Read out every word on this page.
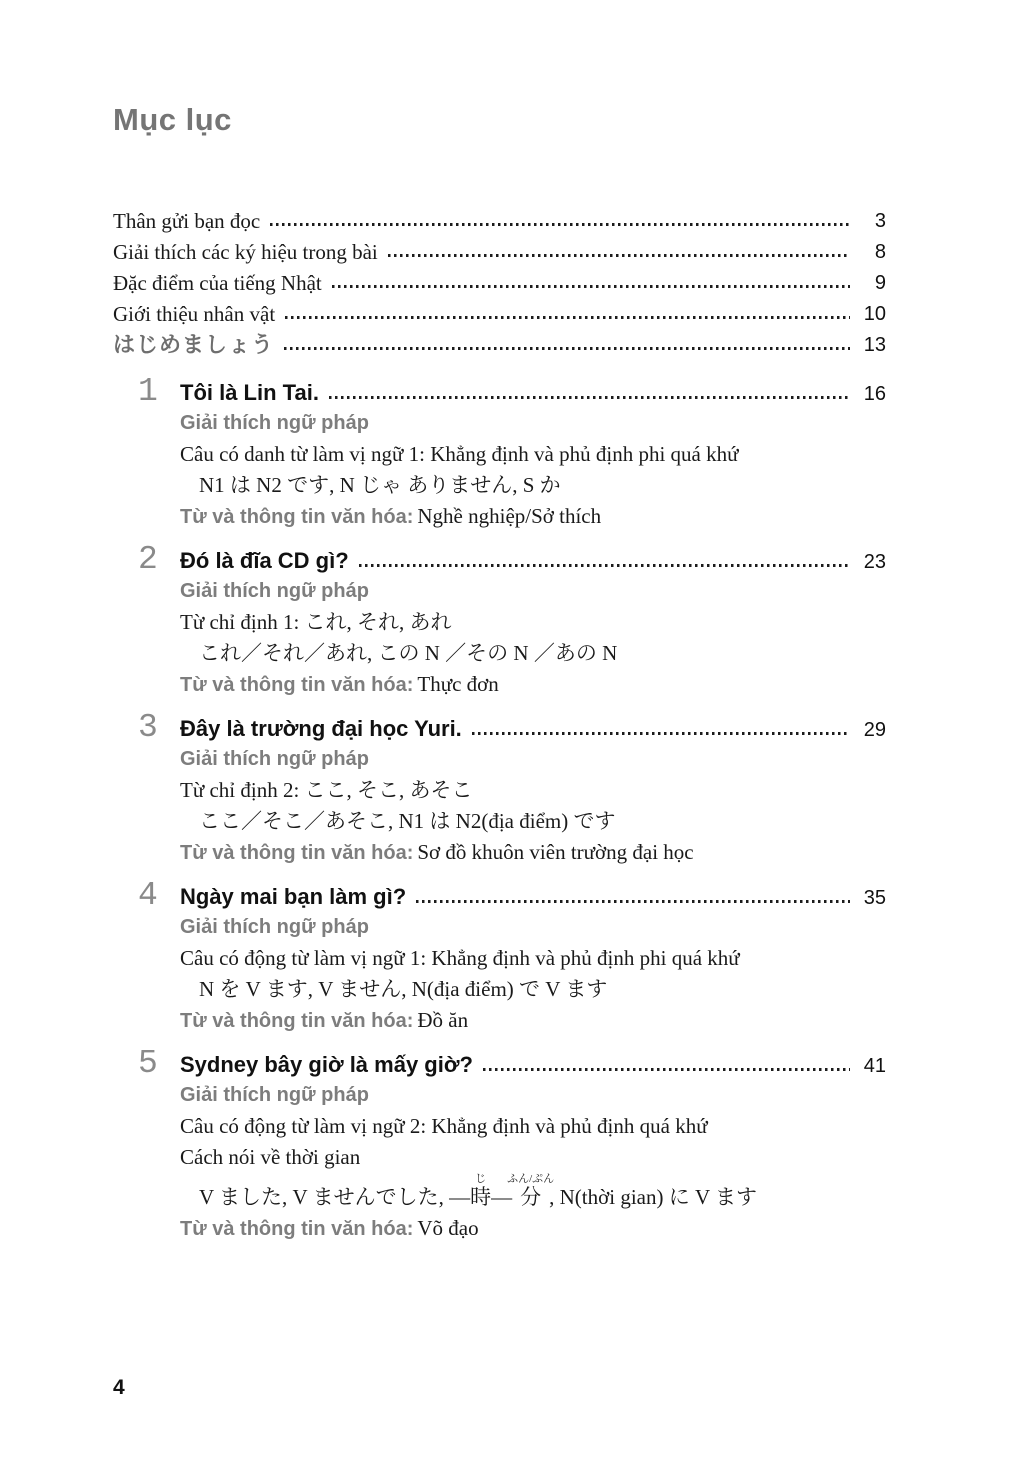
Mục lục
Thân gửi bạn đọc	3
Giải thích các ký hiệu trong bài	8
Đặc điểm của tiếng Nhật	9
Giới thiệu nhân vật	10
はじめましょう	13
1	Tôi là Lin Tai.	16
Giải thích ngữ pháp
Câu có danh từ làm vị ngữ 1: Khẳng định và phủ định phi quá khứ
N1 は N2 です, N じゃ ありません, S か
Từ và thông tin văn hóa: Nghề nghiệp/Sở thích
2	Đó là đĩa CD gì?	23
Giải thích ngữ pháp
Từ chỉ định 1: これ, それ, あれ
これ／それ／あれ, この N ／その N ／あの N
Từ và thông tin văn hóa: Thực đơn
3	Đây là trường đại học Yuri.	29
Giải thích ngữ pháp
Từ chỉ định 2: ここ, そこ, あそこ
ここ／そこ／あそこ, N1 は N2(địa điểm) です
Từ và thông tin văn hóa: Sơ đồ khuôn viên trường đại học
4	Ngày mai bạn làm gì?	35
Giải thích ngữ pháp
Câu có động từ làm vị ngữ 1: Khẳng định và phủ định phi quá khứ
N を V ます, V ません, N(địa điểm) で V ます
Từ và thông tin văn hóa: Đồ ăn
5	Sydney bây giờ là mấy giờ?	41
Giải thích ngữ pháp
Câu có động từ làm vị ngữ 2: Khẳng định và phủ định quá khứ
Cách nói về thời gian
V ました, V ませんでした, ―時じ―分ふん/ぷん, N(thời gian) に V ます
Từ và thông tin văn hóa: Võ đạo
4
